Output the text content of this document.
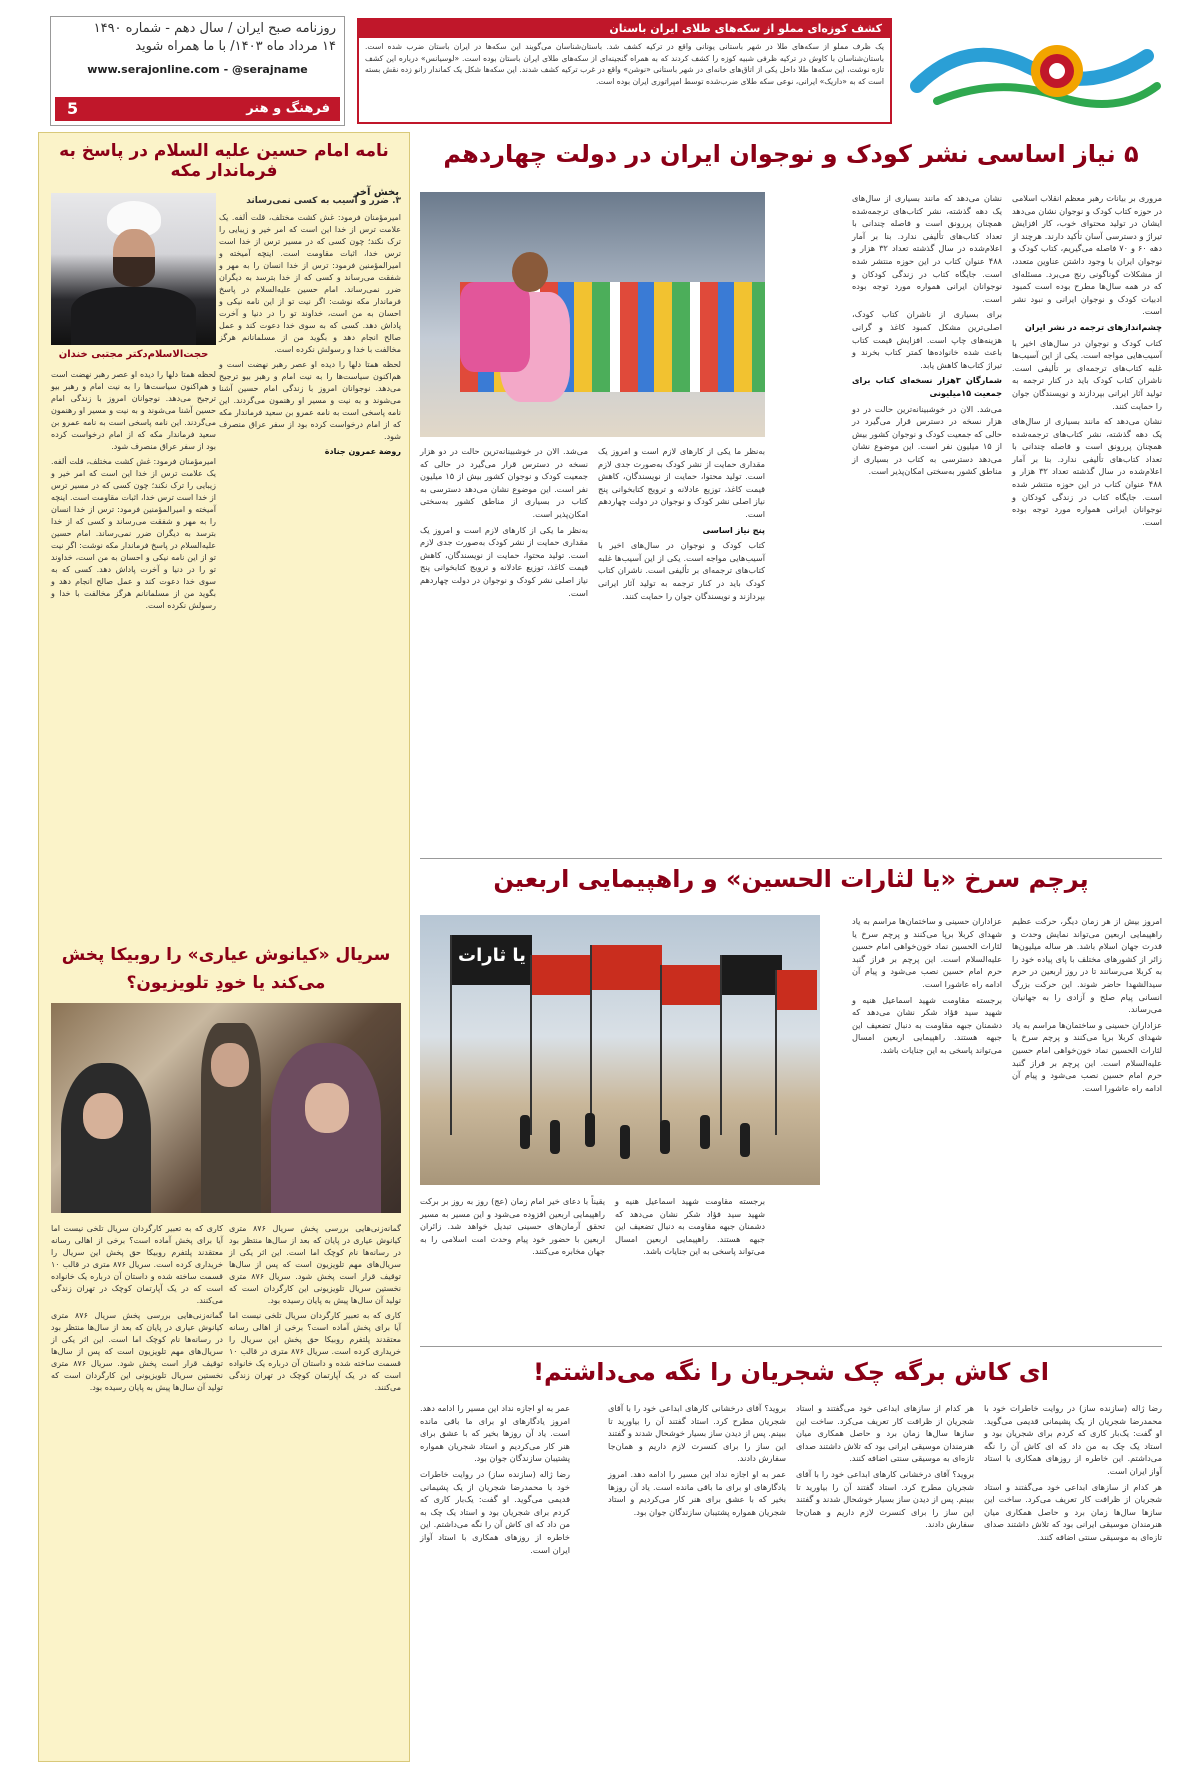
کشف کوزه‌ای مملو از سکه‌های طلای ایران باستان
یک ظرف مملو از سکه‌های طلا در شهر باستانی یونانی واقع در ترکیه کشف شد. باستان‌شناسان می‌گویند این سکه‌ها در ایران باستان ضرب شده است. باستان‌شناسان با کاوش در ترکیه ظرفی شبیه کوزه را کشف کردند که به همراه گنجینه‌ای از سکه‌های طلای ایران باستان بوده است. «لوسیانس» درباره این کشف تازه نوشت، این سکه‌ها طلا داخل یکی از اتاق‌های خانه‌ای در شهر باستانی «نوشن» واقع در غرب ترکیه کشف شدند. این سکه‌ها شکل یک کماندار زانو زده نقش بسته است که به «داریک» ایرانی، نوعی سکه طلای ضرب‌شده توسط امپراتوری ایران بوده است.
روزنامه صبح ایران / سال دهم - شماره ۱۴۹۰
۱۴ مرداد ماه ۱۴۰۳/ با ما همراه شوید
www.serajonline.com - @serajname
فرهنگ و هنر
5
نامه امام حسین علیه السلام در پاسخ به فرماندار مکه
بخش آخر
حجت‌الاسلام‌دکتر مجتبی خندان

۳. ضرر و آسیب به کسی نمی‌رساند

امیرمؤمنان فرمود: غش‌ کشت مختلف، قلت ألفه. یک علامت ترس از خدا این است که امر خیر و زیبایی را ترک نکند؛ چون کسی که در مسیر ترس از خدا است ترس خدا، اثبات مقاومت است. اینچه آمیخته و امیرالمؤمنین فرمود: ترس از خدا انسان را به مهر و شفقت می‌رساند و کسی که از خدا بترسد به دیگران ضرر نمی‌رساند. امام حسین علیه‌السلام در پاسخ فرماندار مکه نوشت: اگر نیت تو از این نامه نیکی و احسان به من است، خداوند تو را در دنیا و آخرت پاداش دهد. کسی که به سوی خدا دعوت کند و عمل صالح انجام دهد و بگوید من از مسلمانانم هرگز مخالفت با خدا و رسولش نکرده است.

لحظه همتا دلها را دیده او عصر رهبر نهضت است و هم‌اکنون سیاست‌ها را به نیت امام‌ و رهبر بیو ترجیح می‌دهد. نوجوانان امروز با زندگی امام حسین آشنا می‌شوند و به نیت و مسیر او رهنمون می‌گردند. این نامه پاسخی است به نامه عمرو بن سعید فرماندار مکه که از امام درخواست کرده بود از سفر عراق منصرف شود.

روضة عمرون جنادة

لحظه همتا دلها را دیده او عصر رهبر نهضت است و هم‌اکنون سیاست‌ها را به نیت امام‌ و رهبر بیو ترجیح می‌دهد. نوجوانان امروز با زندگی امام حسین آشنا می‌شوند و به نیت و مسیر او رهنمون می‌گردند. این نامه پاسخی است به نامه عمرو بن سعید فرماندار مکه که از امام درخواست کرده بود از سفر عراق منصرف شود.

امیرمؤمنان فرمود: غش‌ کشت مختلف، قلت ألفه. یک علامت ترس از خدا این است که امر خیر و زیبایی را ترک نکند؛ چون کسی که در مسیر ترس از خدا است ترس خدا، اثبات مقاومت است. اینچه آمیخته و امیرالمؤمنین فرمود: ترس از خدا انسان را به مهر و شفقت می‌رساند و کسی که از خدا بترسد به دیگران ضرر نمی‌رساند. امام حسین علیه‌السلام در پاسخ فرماندار مکه نوشت: اگر نیت تو از این نامه نیکی و احسان به من است، خداوند تو را در دنیا و آخرت پاداش دهد. کسی که به سوی خدا دعوت کند و عمل صالح انجام دهد و بگوید من از مسلمانانم هرگز مخالفت با خدا و رسولش نکرده است.

سریال «کیانوش عیاری» را روبیکا پخش می‌کند یا خودِ تلویزیون؟

گمانه‌زنی‌هایی بررسی پخش سریال ۸۷۶ متری کیانوش عیاری در پایان که بعد از سال‌ها منتظر بود در رسانه‌ها نام کوچک اما است. این اثر یکی از سریال‌های مهم تلویزیون است که پس از سال‌ها توقیف قرار است پخش شود. سریال ۸۷۶ متری نخستین سریال تلویزیونی این کارگردان است که تولید آن سال‌ها پیش به پایان رسیده بود.

کاری که به تعبیر کارگردان سریال تلخی نیست اما آیا برای پخش آماده است؟ برخی از اهالی رسانه معتقدند پلتفرم روبیکا حق پخش این سریال را خریداری کرده است. سریال ۸۷۶ متری در قالب ۱۰ قسمت ساخته شده و داستان آن درباره یک خانواده است که در یک آپارتمان کوچک در تهران زندگی می‌کنند.

کاری که به تعبیر کارگردان سریال تلخی نیست اما آیا برای پخش آماده است؟ برخی از اهالی رسانه معتقدند پلتفرم روبیکا حق پخش این سریال را خریداری کرده است. سریال ۸۷۶ متری در قالب ۱۰ قسمت ساخته شده و داستان آن درباره یک خانواده است که در یک آپارتمان کوچک در تهران زندگی می‌کنند.

گمانه‌زنی‌هایی بررسی پخش سریال ۸۷۶ متری کیانوش عیاری در پایان که بعد از سال‌ها منتظر بود در رسانه‌ها نام کوچک اما است. این اثر یکی از سریال‌های مهم تلویزیون است که پس از سال‌ها توقیف قرار است پخش شود. سریال ۸۷۶ متری نخستین سریال تلویزیونی این کارگردان است که تولید آن سال‌ها پیش به پایان رسیده بود.

۵ نیاز اساسی نشر کودک و نوجوان ایران در دولت چهاردهم

مروری بر بیانات رهبر معظم انقلاب اسلامی در حوزه کتاب کودک و نوجوان نشان می‌دهد ایشان در تولید محتوای خوب، کار افزایش تیراژ و دسترسی آسان تأکید دارند. هرچند از دهه ۶۰ و ۷۰ فاصله می‌گیریم، کتاب کودک و نوجوان ایران با وجود داشتن عناوین متعدد، از مشکلات گوناگونی رنج می‌برد. مسئله‌ای که در همه سال‌ها مطرح بوده است کمبود ادبیات کودک و نوجوان ایرانی و نبود نشر است.

چشم‌اندازهای ترجمه در نشر ایران

کتاب کودک و نوجوان در سال‌های اخیر با آسیب‌هایی مواجه است. یکی از این آسیب‌ها غلبه کتاب‌های ترجمه‌ای بر تألیفی است. ناشران کتاب کودک باید در کنار ترجمه به تولید آثار ایرانی بپردازند و نویسندگان جوان را حمایت کنند.

نشان می‌دهد که مانند بسیاری از سال‌های یک دهه گذشته، نشر کتاب‌های ترجمه‌شده همچنان پررونق است و فاصله چندانی با تعداد کتاب‌های تألیفی ندارد. بنا بر آمار اعلام‌شده در سال گذشته تعداد ۳۲ هزار و ۴۸۸ عنوان کتاب در این حوزه منتشر شده است. جایگاه کتاب در زندگی کودکان و نوجوانان ایرانی همواره مورد توجه بوده است.

نشان می‌دهد که مانند بسیاری از سال‌های یک دهه گذشته، نشر کتاب‌های ترجمه‌شده همچنان پررونق است و فاصله چندانی با تعداد کتاب‌های تألیفی ندارد. بنا بر آمار اعلام‌شده در سال گذشته تعداد ۳۲ هزار و ۴۸۸ عنوان کتاب در این حوزه منتشر شده است. جایگاه کتاب در زندگی کودکان و نوجوانان ایرانی همواره مورد توجه بوده است.

برای بسیاری از ناشران کتاب کودک، اصلی‌ترین مشکل کمبود کاغذ و گرانی هزینه‌های چاپ است. افزایش قیمت کتاب باعث شده خانواده‌ها کمتر کتاب بخرند و تیراژ کتاب‌ها کاهش یابد.

شمارگان ۳هزار نسخه‌ای کتاب برای جمعیت ۱۵میلیونی

می‌شد. الان در خوشبینانه‌ترین حالت در دو هزار نسخه در دسترس قرار می‌گیرد در حالی که جمعیت کودک و نوجوان کشور بیش از ۱۵ میلیون نفر است. این موضوع نشان می‌دهد دسترسی به کتاب در بسیاری از مناطق کشور به‌سختی امکان‌پذیر است.

به‌نظر ما یکی از کارهای لازم است و امروز یک مقداری حمایت از نشر کودک به‌صورت جدی لازم است. تولید محتوا، حمایت از نویسندگان، کاهش قیمت کاغذ، توزیع عادلانه و ترویج کتابخوانی پنج نیاز اصلی نشر کودک و نوجوان در دولت چهاردهم است.

پنج نیاز اساسی

کتاب کودک و نوجوان در سال‌های اخیر با آسیب‌هایی مواجه است. یکی از این آسیب‌ها غلبه کتاب‌های ترجمه‌ای بر تألیفی است. ناشران کتاب کودک باید در کنار ترجمه به تولید آثار ایرانی بپردازند و نویسندگان جوان را حمایت کنند.

می‌شد. الان در خوشبینانه‌ترین حالت در دو هزار نسخه در دسترس قرار می‌گیرد در حالی که جمعیت کودک و نوجوان کشور بیش از ۱۵ میلیون نفر است. این موضوع نشان می‌دهد دسترسی به کتاب در بسیاری از مناطق کشور به‌سختی امکان‌پذیر است.

به‌نظر ما یکی از کارهای لازم است و امروز یک مقداری حمایت از نشر کودک به‌صورت جدی لازم است. تولید محتوا، حمایت از نویسندگان، کاهش قیمت کاغذ، توزیع عادلانه و ترویج کتابخوانی پنج نیاز اصلی نشر کودک و نوجوان در دولت چهاردهم است.

پرچم سرخ «یا لثارات الحسین» و راهپیمایی اربعین

امروز بیش از هر زمان دیگر، حرکت عظیم راهپیمایی اربعین می‌تواند نمایش وحدت و قدرت جهان اسلام باشد. هر ساله میلیون‌ها زائر از کشورهای مختلف با پای پیاده خود را به کربلا می‌رسانند تا در روز اربعین در حرم سیدالشهدا حاضر شوند. این حرکت بزرگ انسانی پیام صلح و آزادی را به جهانیان می‌رساند.

عزاداران حسینی و ساختمان‌ها مراسم به یاد شهدای کربلا برپا می‌کنند و پرچم سرخ یا لثارات الحسین نماد خون‌خواهی امام حسین علیه‌السلام است. این پرچم بر فراز گنبد حرم امام حسین نصب می‌شود و پیام آن ادامه راه عاشورا است.

عزاداران حسینی و ساختمان‌ها مراسم به یاد شهدای کربلا برپا می‌کنند و پرچم سرخ یا لثارات الحسین نماد خون‌خواهی امام حسین علیه‌السلام است. این پرچم بر فراز گنبد حرم امام حسین نصب می‌شود و پیام آن ادامه راه عاشورا است.

برجسته مقاومت شهید اسماعیل هنیه و شهید سید فؤاد شکر نشان می‌دهد که دشمنان جبهه مقاومت به دنبال تضعیف این جبهه هستند. راهپیمایی اربعین امسال می‌تواند پاسخی به این جنایات باشد.

یا ثارات

برجسته مقاومت شهید اسماعیل هنیه و شهید سید فؤاد شکر نشان می‌دهد که دشمنان جبهه مقاومت به دنبال تضعیف این جبهه هستند. راهپیمایی اربعین امسال می‌تواند پاسخی به این جنایات باشد.

یقیناً با دعای خیر امام زمان (عج) روز به روز بر برکت راهپیمایی اربعین افزوده می‌شود و این مسیر به مسیر تحقق آرمان‌های حسینی تبدیل خواهد شد. زائران اربعین با حضور خود پیام وحدت امت اسلامی را به جهان مخابره می‌کنند.

ای کاش برگه چک شجریان را نگه می‌داشتم!

رضا ژاله (سازنده ساز) در روایت خاطرات خود با محمدرضا شجریان از یک پشیمانی قدیمی می‌گوید. او گفت: یک‌بار کاری که کردم برای شجریان بود و استاد یک چک به من داد که ای کاش آن را نگه می‌داشتم. این خاطره از روزهای همکاری با استاد آواز ایران است.

هر کدام از سازهای ابداعی خود می‌گفتند و استاد شجریان از ظرافت کار تعریف می‌کرد. ساخت این سازها سال‌ها زمان برد و حاصل همکاری میان هنرمندان موسیقی ایرانی بود که تلاش داشتند صدای تازه‌ای به موسیقی سنتی اضافه کنند.

هر کدام از سازهای ابداعی خود می‌گفتند و استاد شجریان از ظرافت کار تعریف می‌کرد. ساخت این سازها سال‌ها زمان برد و حاصل همکاری میان هنرمندان موسیقی ایرانی بود که تلاش داشتند صدای تازه‌ای به موسیقی سنتی اضافه کنند.

بروید؟ آقای درخشانی کارهای ابداعی خود را با آقای شجریان مطرح کرد. استاد گفتند آن را بیاورید تا ببینم. پس از دیدن ساز بسیار خوشحال شدند و گفتند این ساز را برای کنسرت لازم داریم و همان‌جا سفارش دادند.

بروید؟ آقای درخشانی کارهای ابداعی خود را با آقای شجریان مطرح کرد. استاد گفتند آن را بیاورید تا ببینم. پس از دیدن ساز بسیار خوشحال شدند و گفتند این ساز را برای کنسرت لازم داریم و همان‌جا سفارش دادند.

عمر به او اجازه نداد این مسیر را ادامه دهد. امروز یادگارهای او برای ما باقی مانده است. یاد آن روزها بخیر که با عشق برای هنر کار می‌کردیم و استاد شجریان همواره پشتیبان سازندگان جوان بود.

عمر به او اجازه نداد این مسیر را ادامه دهد. امروز یادگارهای او برای ما باقی مانده است. یاد آن روزها بخیر که با عشق برای هنر کار می‌کردیم و استاد شجریان همواره پشتیبان سازندگان جوان بود.

رضا ژاله (سازنده ساز) در روایت خاطرات خود با محمدرضا شجریان از یک پشیمانی قدیمی می‌گوید. او گفت: یک‌بار کاری که کردم برای شجریان بود و استاد یک چک به من داد که ای کاش آن را نگه می‌داشتم. این خاطره از روزهای همکاری با استاد آواز ایران است.
